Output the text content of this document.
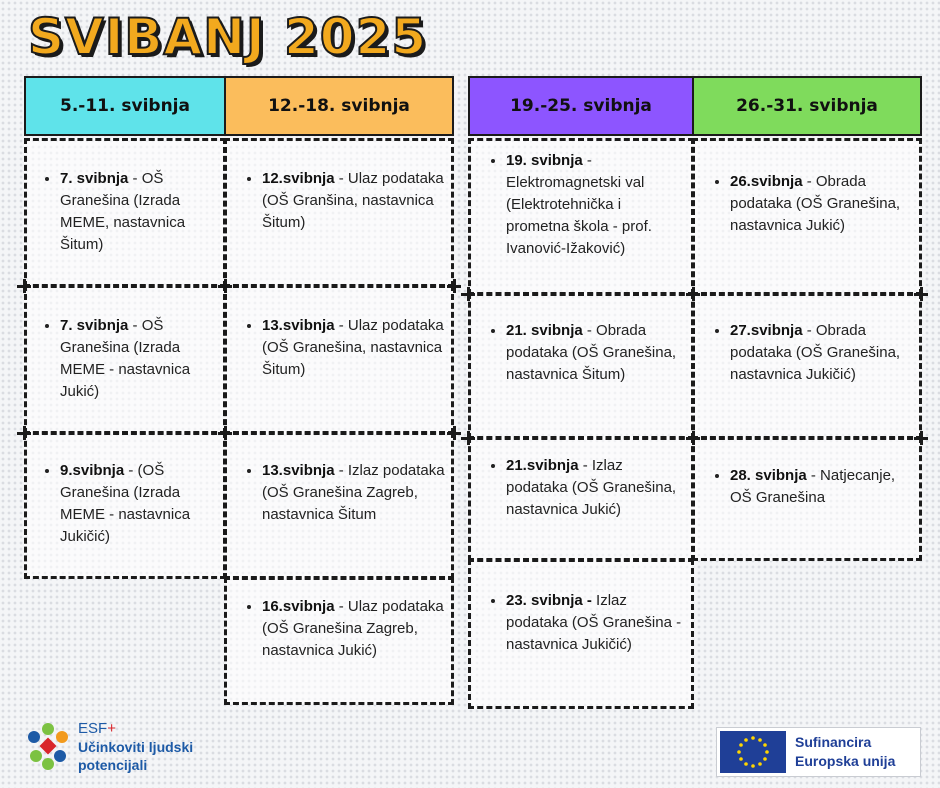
SVIBANJ 2025
5.-11. svibnja	12.-18. svibnja	19.-25. svibnja	26.-31. svibnja
• 7. svibnja - OŠ Granešina (Izrada MEME, nastavnica Šitum)
• 7. svibnja - OŠ Granešina (Izrada MEME - nastavnica Jukić)
• 9.svibnja - (OŠ Granešina (Izrada MEME - nastavnica Jukičić)
• 12.svibnja - Ulaz podataka (OŠ Granšina, nastavnica Šitum)
• 13.svibnja - Ulaz podataka (OŠ Granešina, nastavnica Šitum)
• 13.svibnja - Izlaz podataka (OŠ Granešina Zagreb, nastavnica Šitum
• 16.svibnja - Ulaz podataka (OŠ Granešina Zagreb, nastavnica Jukić)
• 19. svibnja - Elektromagnetski val (Elektrotehnička i prometna škola - prof. Ivanović-Ižaković)
• 21. svibnja - Obrada podataka (OŠ Granešina, nastavnica Šitum)
• 21.svibnja - Izlaz podataka (OŠ Granešina, nastavnica Jukić)
• 23. svibnja - Izlaz podataka (OŠ Granešina - nastavnica Jukičić)
• 26.svibnja - Obrada podataka (OŠ Granešina, nastavnica Jukić)
• 27.svibnja - Obrada podataka (OŠ Granešina, nastavnica Jukičić)
• 28. svibnja - Natjecanje, OŠ Granešina
ESF+
Učinkoviti ljudski
potencijali
Sufinancira
Europska unija
